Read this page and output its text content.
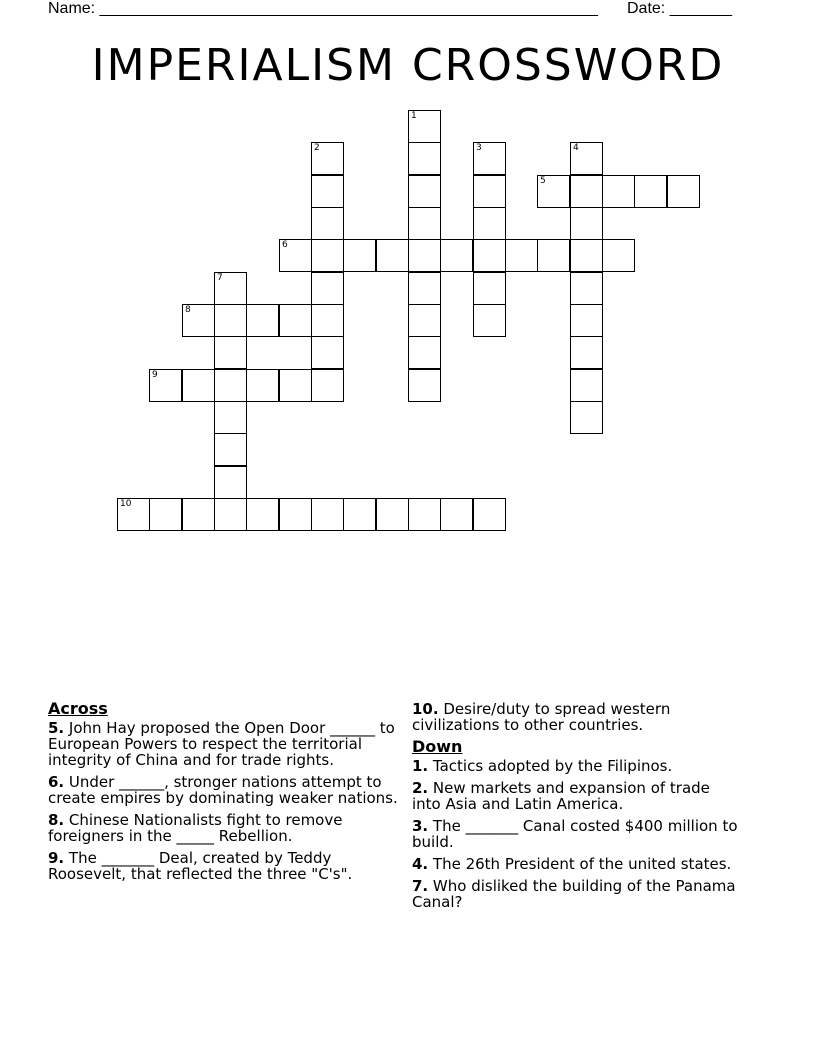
Name: ________________________________________________________ Date: _______
IMPERIALISM CROSSWORD
5
6
8
9
10
1
2	3	4
7
Across
5. John Hay proposed the Open Door ______ to European Powers to respect the territorial integrity of China and for trade rights.
6. Under ______, stronger nations attempt to create empires by dominating weaker nations.
8. Chinese Nationalists fight to remove foreigners in the _____ Rebellion.
9. The _______ Deal, created by Teddy Roosevelt, that reflected the three "C's".
10. Desire/duty to spread western civilizations to other countries.
Down
1. Tactics adopted by the Filipinos.
2. New markets and expansion of trade into Asia and Latin America.
3. The _______ Canal costed $400 million to build.
4. The 26th President of the united states.
7. Who disliked the building of the Panama Canal?
